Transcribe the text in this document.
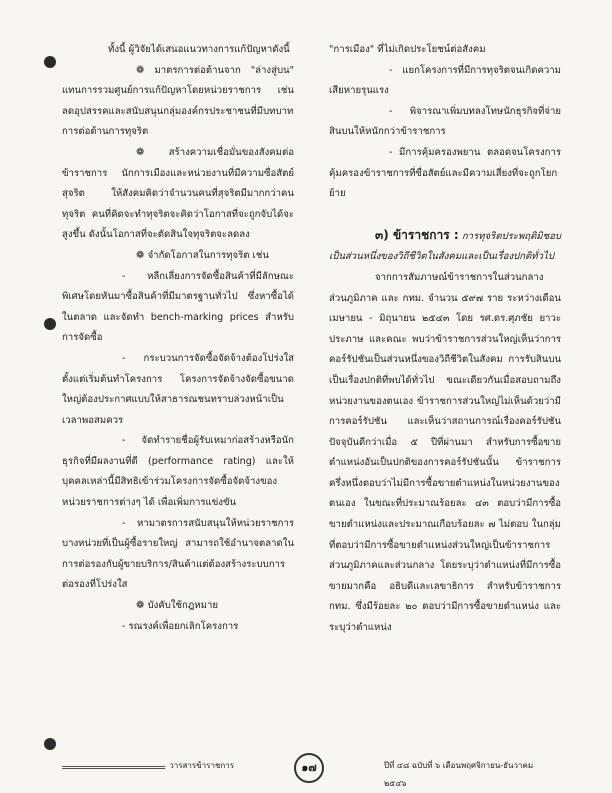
ทั้งนี้ ผู้วิจัยได้เสนอแนวทางการแก้ปัญหาดังนี้

❁ มาตรการต่อต้านจาก "ล่างสู่บน" แทนการรวมศูนย์การแก้ปัญหาโดยหน่วยราชการ เช่น ลดอุปสรรคและสนับสนุนกลุ่มองค์กรประชาชนที่มีบทบาทการต่อต้านการทุจริต

❁ สร้างความเชื่อมั่นของสังคมต่อข้าราชการ นักการเมืองและหน่วยงานที่มีความซื่อสัตย์สุจริต ให้สังคมคิดว่าจำนวนคนที่สุจริตมีมากกว่าคนทุจริต คนที่คิดจะทำทุจริตจะคิดว่าโอกาสที่จะถูกจับได้จะสูงขึ้น ดังนั้นโอกาสที่จะตัดสินใจทุจริตจะลดลง

❁ จำกัดโอกาสในการทุจริต เช่น

- หลีกเลี่ยงการจัดซื้อสินค้าที่มีลักษณะพิเศษโดยหันมาซื้อสินค้าที่มีมาตรฐานทั่วไป ซึ่งหาซื้อได้ในตลาด และจัดทำ bench-marking prices สำหรับการจัดซื้อ

- กระบวนการจัดซื้อจัดจ้างต้องโปร่งใสตั้งแต่เริ่มต้นทำโครงการ โครงการจัดจ้างจัดซื้อขนาดใหญ่ต้องประกาศแบบให้สาธารณชนทราบล่วงหน้าเป็นเวลาพอสมควร

- จัดทำรายชื่อผู้รับเหมาก่อสร้างหรือนักธุรกิจที่มีผลงานที่ดี (performance rating) และให้บุคคลเหล่านี้มีสิทธิเข้าร่วมโครงการจัดซื้อจัดจ้างของหน่วยราชการต่างๆ ได้ เพื่อเพิ่มการแข่งขัน

- หามาตรการสนับสนุนให้หน่วยราชการบางหน่วยที่เป็นผู้ซื้อรายใหญ่ สามารถใช้อำนาจตลาดในการต่อรองกับผู้ขายบริการ/สินค้าแต่ต้องสร้างระบบการต่อรองที่โปร่งใส

❁ บังคับใช้กฎหมาย

- รณรงค์เพื่อยกเลิกโครงการ

"การเมือง" ที่ไม่เกิดประโยชน์ต่อสังคม

- แยกโครงการที่มีการทุจริตจนเกิดความเสียหายรุนแรง

- พิจารณาเพิ่มบทลงโทษนักธุรกิจที่จ่ายสินบนให้หนักกว่าข้าราชการ

- มีการคุ้มครองพยาน ตลอดจนโครงการคุ้มครองข้าราชการที่ซื่อสัตย์และมีความเสี่ยงที่จะถูกโยกย้าย

๓) ข้าราชการ : การทุจริตประพฤติมิชอบเป็นส่วนหนึ่งของวิถีชีวิตในสังคมและเป็นเรื่องปกติทั่วไป

จากการสัมภาษณ์ข้าราชการในส่วนกลาง ส่วนภูมิภาค และ กทม. จำนวน ๕๙๗ ราย ระหว่างเดือนเมษายน - มิถุนายน ๒๕๔๓ โดย รศ.ดร.ศุภชัย ยาวะประภาษ และคณะ พบว่าข้าราชการส่วนใหญ่เห็นว่าการคอร์รัปชันเป็นส่วนหนึ่งของวิถีชีวิตในสังคม การรับสินบนเป็นเรื่องปกติที่พบได้ทั่วไป ขณะเดียวกันเมื่อสอบถามถึงหน่วยงานของตนเอง ข้าราชการส่วนใหญ่ไม่เห็นด้วยว่ามีการคอร์รัปชัน และเห็นว่าสถานการณ์เรื่องคอร์รัปชันปัจจุบันดีกว่าเมื่อ ๕ ปีที่ผ่านมา สำหรับการซื้อขายตำแหน่งอันเป็นปกติของการคอร์รัปชันนั้น ข้าราชการครึ่งหนึ่งตอบว่าไม่มีการซื้อขายตำแหน่งในหน่วยงานของตนเอง ในขณะที่ประมาณร้อยละ ๔๓ ตอบว่ามีการซื้อขายตำแหน่งและประมาณเกือบร้อยละ ๗ ไม่ตอบ ในกลุ่มที่ตอบว่ามีการซื้อขายตำแหน่งส่วนใหญ่เป็นข้าราชการส่วนภูมิภาคและส่วนกลาง โดยระบุว่าตำแหน่งที่มีการซื้อขายมากคือ อธิบดีและเลขาธิการ สำหรับข้าราชการ กทม. ซึ่งมีร้อยละ ๒๐ ตอบว่ามีการซื้อขายตำแหน่ง และระบุว่าตำแหน่ง

วารสารข้าราชการ	๑๗	ปีที่ ๔๘ ฉบับที่ ๖ เดือนพฤศจิกายน-ธันวาคม ๒๕๔๖
